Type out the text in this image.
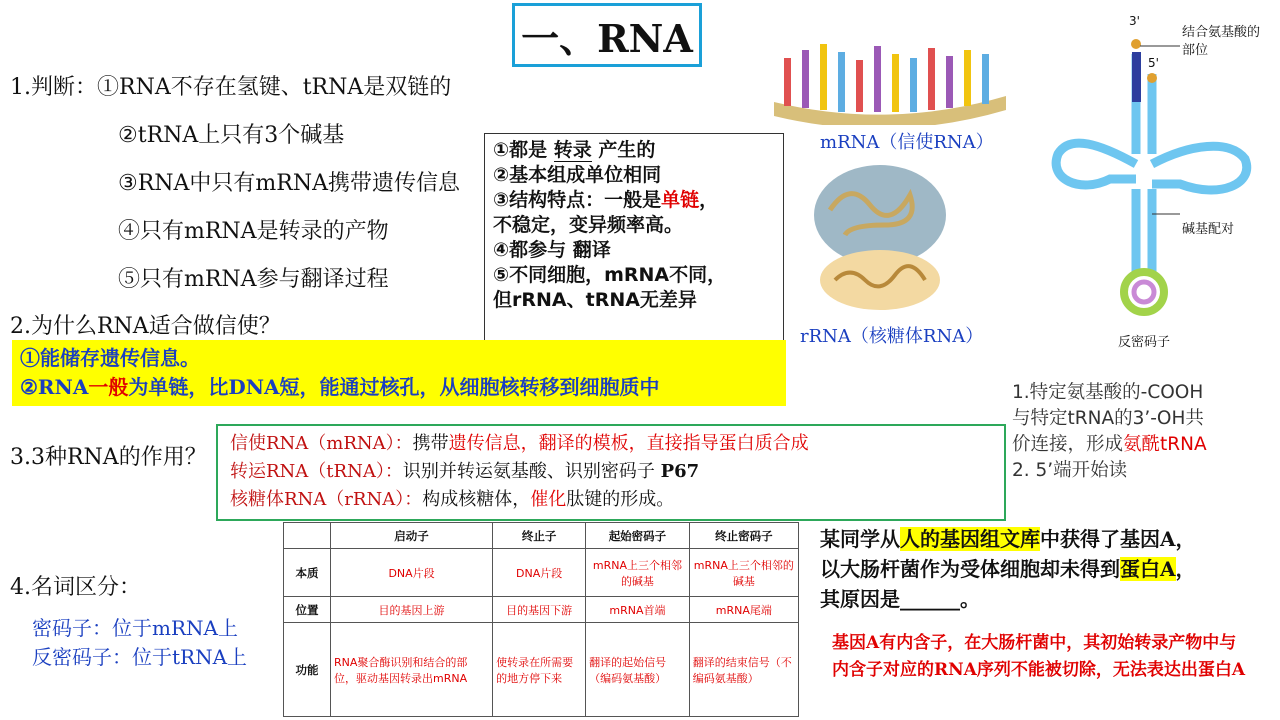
一、RNA
1.判断：①RNA不存在氢键、tRNA是双链的
②tRNA上只有3个碱基
③RNA中只有mRNA携带遗传信息
④只有mRNA是转录的产物
⑤只有mRNA参与翻译过程
①都是 转录 产生的
②基本组成单位相同
③结构特点：一般是单链，
不稳定，变异频率高。
④都参与 翻译
⑤不同细胞，mRNA不同，
但rRNA、tRNA无差异
2.为什么RNA适合做信使？
①能储存遗传信息。
②RNA一般为单链，比DNA短，能通过核孔，从细胞核转移到细胞质中
3.3种RNA的作用？
信使RNA（mRNA）：携带遗传信息，翻译的模板，直接指导蛋白质合成
转运RNA（tRNA）：识别并转运氨基酸、识别密码子 P67
核糖体RNA（rRNA）：构成核糖体，催化肽键的形成。
4.名词区分：
密码子：位于mRNA上
反密码子：位于tRNA上
	启动子	终止子	起始密码子	终止密码子
本质	DNA片段	DNA片段	mRNA上三个相邻的碱基	mRNA上三个相邻的碱基
位置	目的基因上游	目的基因下游	mRNA首端	mRNA尾端
功能	RNA聚合酶识别和结合的部位，驱动基因转录出mRNA	使转录在所需要的地方停下来	翻译的起始信号（编码氨基酸）	翻译的结束信号（不编码氨基酸）
mRNA（信使RNA）
rRNA（核糖体RNA）
3'
5'
结合氨基酸的部位
碱基配对
反密码子
1.特定氨基酸的-COOH
与特定tRNA的3’-OH共
价连接，形成氨酰tRNA
2. 5’端开始读
某同学从人的基因组文库中获得了基因A，
以大肠杆菌作为受体细胞却未得到蛋白A，
其原因是______。
基因A有内含子，在大肠杆菌中，其初始转录产物中与内含子对应的RNA序列不能被切除，无法表达出蛋白A
